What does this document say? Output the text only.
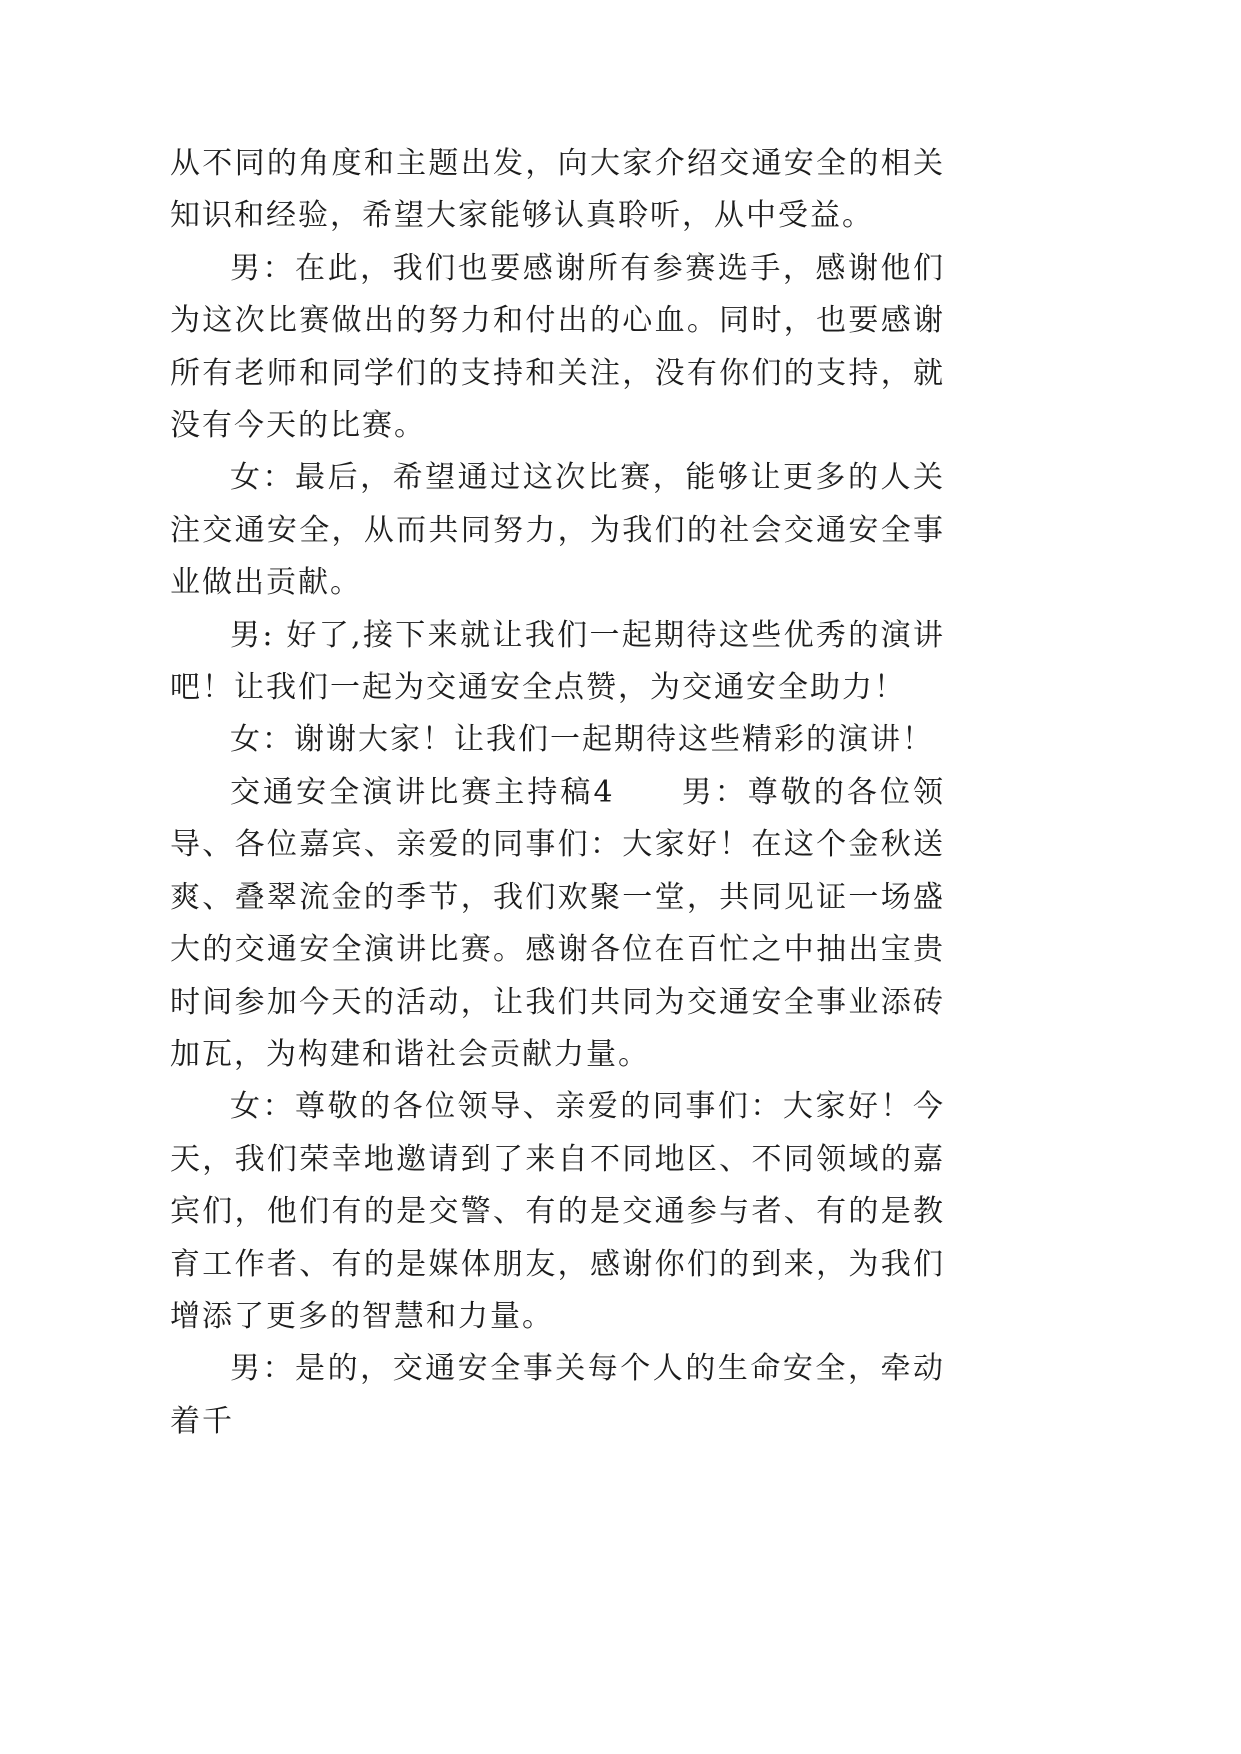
从不同的角度和主题出发，向大家介绍交通安全的相关知识和经验，希望大家能够认真聆听，从中受益。

男：在此，我们也要感谢所有参赛选手，感谢他们为这次比赛做出的努力和付出的心血。同时，也要感谢所有老师和同学们的支持和关注，没有你们的支持，就没有今天的比赛。

女：最后，希望通过这次比赛，能够让更多的人关注交通安全，从而共同努力，为我们的社会交通安全事业做出贡献。

男: 好了,接下来就让我们一起期待这些优秀的演讲吧！让我们一起为交通安全点赞，为交通安全助力！

女：谢谢大家！让我们一起期待这些精彩的演讲！

交通安全演讲比赛主持稿4　　男：尊敬的各位领导、各位嘉宾、亲爱的同事们：大家好！在这个金秋送爽、叠翠流金的季节，我们欢聚一堂，共同见证一场盛大的交通安全演讲比赛。感谢各位在百忙之中抽出宝贵时间参加今天的活动，让我们共同为交通安全事业添砖加瓦，为构建和谐社会贡献力量。

女：尊敬的各位领导、亲爱的同事们：大家好！今天，我们荣幸地邀请到了来自不同地区、不同领域的嘉宾们，他们有的是交警、有的是交通参与者、有的是教育工作者、有的是媒体朋友，感谢你们的到来，为我们增添了更多的智慧和力量。

男：是的，交通安全事关每个人的生命安全，牵动着千
